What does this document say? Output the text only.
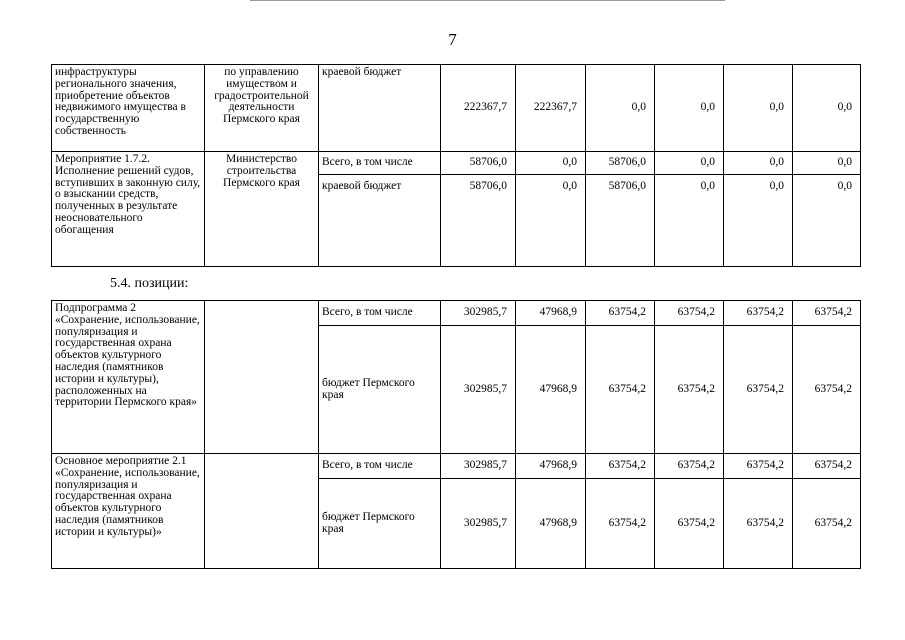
7
инфраструктуры регионального значения, приобретение объектов недвижимого имущества в государственную собственность	по управлению имуществом и градостроительной деятельности Пермского края	краевой бюджет	222367,7	222367,7	0,0	0,0	0,0	0,0
Мероприятие 1.7.2. Исполнение решений судов, вступивших в законную силу, о взыскании средств, полученных в результате неосновательного обогащения	Министерство строительства Пермского края	Всего, в том числе	58706,0	0,0	58706,0	0,0	0,0	0,0
		краевой бюджет	58706,0	0,0	58706,0	0,0	0,0	0,0
5.4. позиции:
Подпрограмма 2 «Сохранение, использование, популяризация и государственная охрана объектов культурного наследия (памятников истории и культуры), расположенных на территории Пермского края»		Всего, в том числе	302985,7	47968,9	63754,2	63754,2	63754,2	63754,2
		бюджет Пермского края	302985,7	47968,9	63754,2	63754,2	63754,2	63754,2
Основное мероприятие 2.1 «Сохранение, использование, популяризация и государственная охрана объектов культурного наследия (памятников истории и культуры)»		Всего, в том числе	302985,7	47968,9	63754,2	63754,2	63754,2	63754,2
		бюджет Пермского края	302985,7	47968,9	63754,2	63754,2	63754,2	63754,2
